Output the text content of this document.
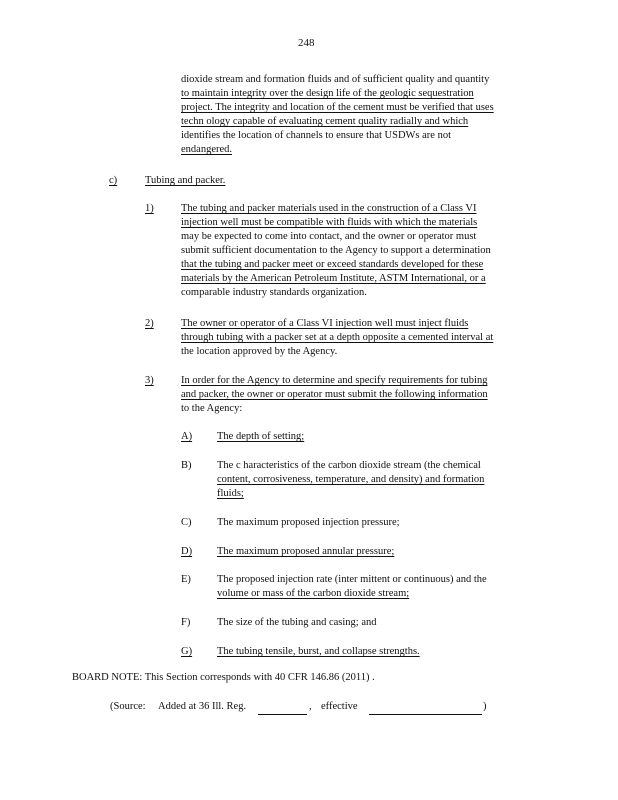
248
dioxide stream and formation fluids and of sufficient quality and quantity
to maintain integrity over the design life of the geologic sequestration
project. The integrity and location of the cement must be verified that uses
techn ology capable of evaluating cement quality radially and which
identifies the location of channels to ensure that USDWs are not
endangered.
c)	Tubing and packer.
1)	The tubing and packer materials used in the construction of a Class VI
injection well must be compatible with fluids with which the materials
may be expected to come into contact, and the owner or operator must
submit sufficient documentation to the Agency to support a determination
that the tubing and packer meet or exceed standards developed for these
materials by the American Petroleum Institute, ASTM International, or a
comparable industry standards organization.
2)	The owner or operator of a Class VI injection well must inject fluids
through tubing with a packer set at a depth opposite a cemented interval at
the location approved by the Agency.
3)	In order for the Agency to determine and specify requirements for tubing
and packer, the owner or operator must submit the following information
to the Agency:
A) The depth of setting;
B) The c haracteristics of the carbon dioxide stream (the chemical
content, corrosiveness, temperature, and density) and formation
fluids;
C) The maximum proposed injection pressure;
D) The maximum proposed annular pressure;
E) The proposed injection rate (inter mittent or continuous) and the
volume or mass of the carbon dioxide stream;
F)	The size of the tubing and casing; and
G) The tubing tensile, burst, and collapse strengths.
BOARD NOTE: This Section corresponds with 40 CFR 146.86 (2011) .
(Source: Added at 36 Ill. Reg.	, effective	)
